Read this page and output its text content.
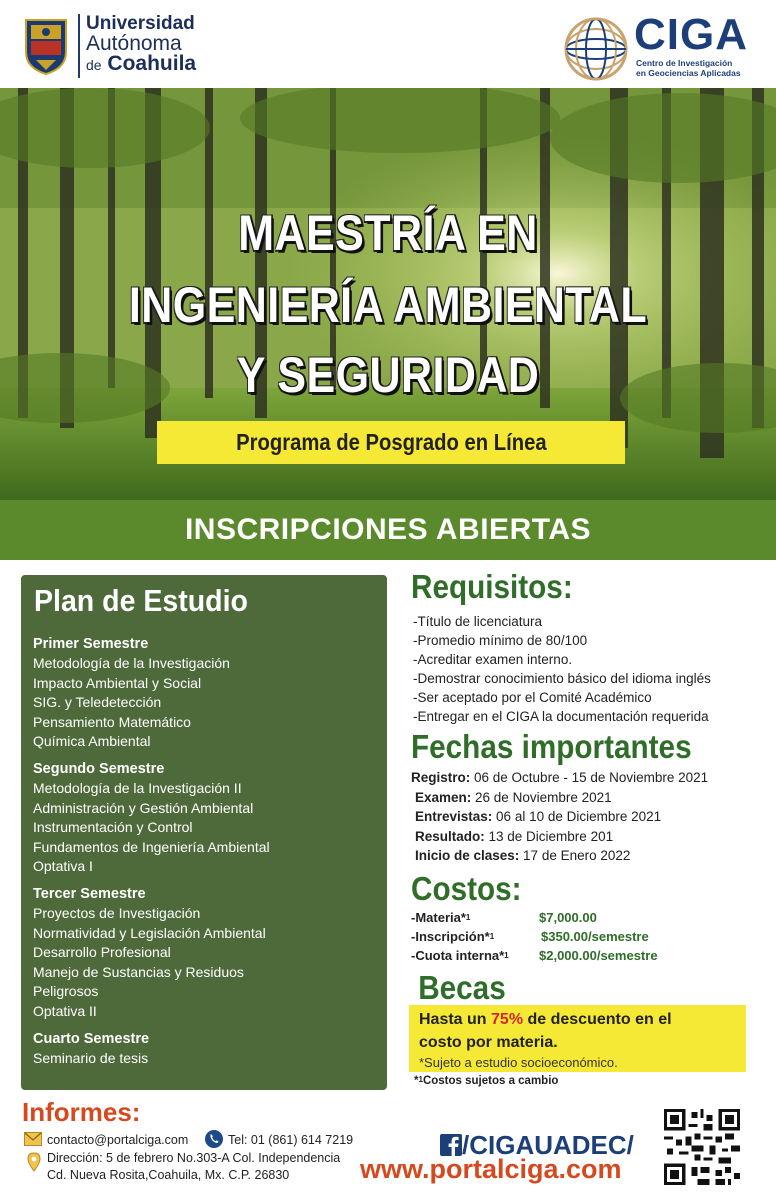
Universidad
Autónoma
de Coahuila
CIGA
Centro de Investigación
en Geociencias Aplicadas
MAESTRÍA EN
INGENIERÍA AMBIENTAL
Y SEGURIDAD
Programa de Posgrado en Línea
INSCRIPCIONES ABIERTAS
Plan de Estudio
Primer Semestre
Metodología de la Investigación
Impacto Ambiental y Social
SIG. y Teledetección
Pensamiento Matemático
Química Ambiental
Segundo Semestre
Metodología de la Investigación II
Administración y Gestión Ambiental
Instrumentación y Control
Fundamentos de Ingeniería Ambiental
Optativa I
Tercer Semestre
Proyectos de Investigación
Normatividad y Legislación Ambiental
Desarrollo Profesional
Manejo de Sustancias y Residuos
Peligrosos
Optativa II
Cuarto Semestre
Seminario de tesis
Requisitos:
-Título de licenciatura
-Promedio mínimo de 80/100
-Acreditar examen interno.
-Demostrar conocimiento básico del idioma inglés
-Ser aceptado por el Comité Académico
-Entregar en el CIGA la documentación requerida
Fechas importantes
Registro: 06 de Octubre - 15 de Noviembre 2021
Examen: 26 de Noviembre 2021
Entrevistas: 06 al 10 de Diciembre 2021
Resultado: 13 de Diciembre 201
Inicio de clases: 17 de Enero 2022
Costos:
-Materia*$^1$	$7,000.00
-Inscripción*$^1$	$350.00/semestre
-Cuota interna*$^1$ $2,000.00/semestre
Becas
Hasta un 75% de descuento en el
costo por materia.
*Sujeto a estudio socioeconómico.
*$^1$Costos sujetos a cambio
Informes:
contacto@portalciga.com	Tel: 01 (861) 614 7219
Dirección: 5 de febrero No.303-A Col. Independencia
Cd. Nueva Rosita,Coahuila, Mx. C.P. 26830
/CIGAUADEC/
www.portalciga.com
